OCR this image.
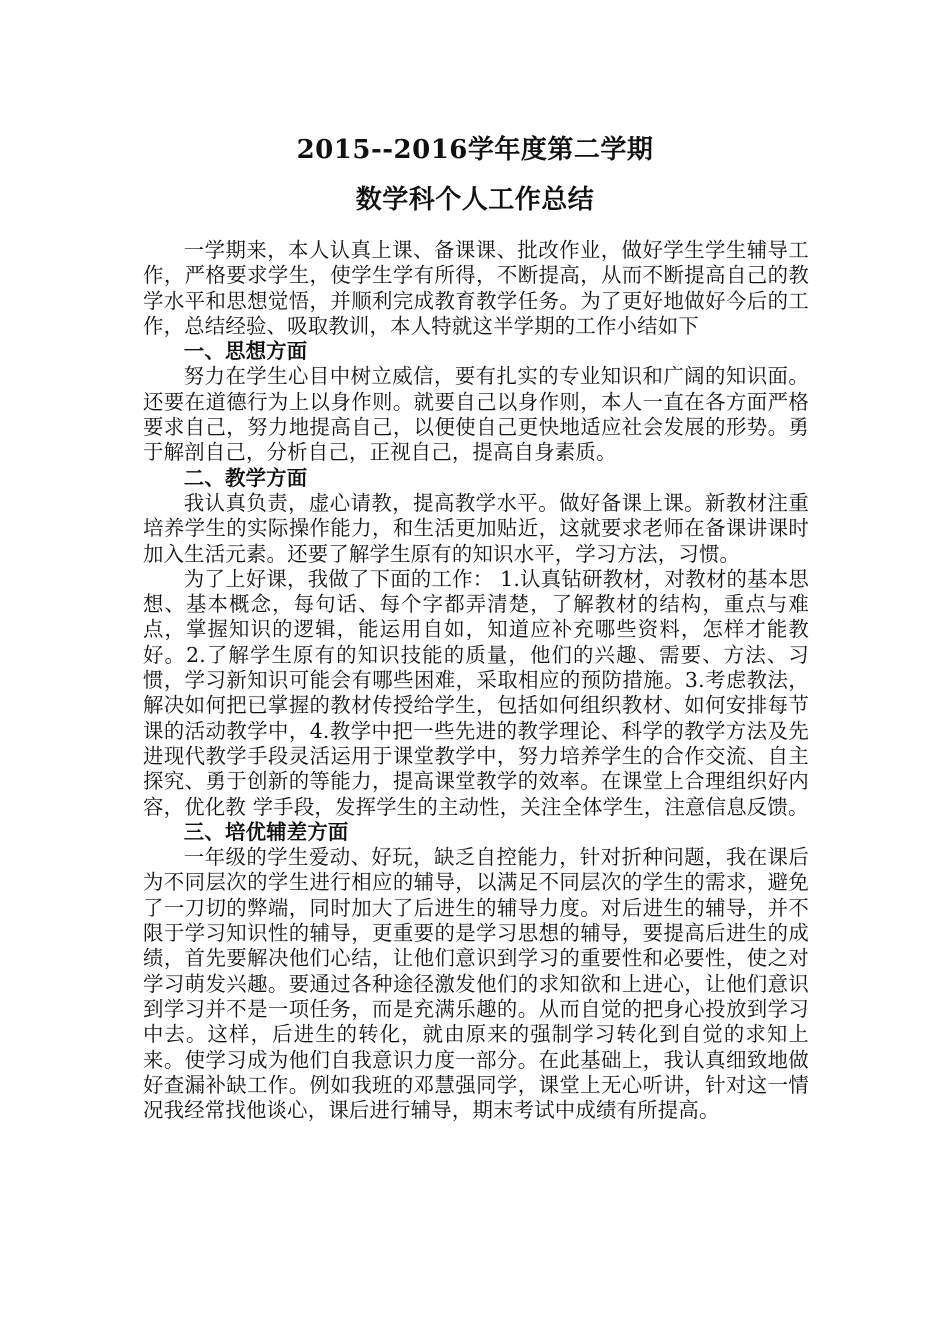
2015--2016学年度第二学期
数学科个人工作总结

一学期来，本人认真上课、备课课、批改作业，做好学生学生辅导工作，严格要求学生，使学生学有所得，不断提高，从而不断提高自己的教学水平和思想觉悟，并顺利完成教育教学任务。为了更好地做好今后的工作，总结经验、吸取教训，本人特就这半学期的工作小结如下

一、思想方面

努力在学生心目中树立威信，要有扎实的专业知识和广阔的知识面。还要在道德行为上以身作则。就要自己以身作则，本人一直在各方面严格要求自己，努力地提高自己，以便使自己更快地适应社会发展的形势。勇于解剖自己，分析自己，正视自己，提高自身素质。

二、教学方面

我认真负责，虚心请教，提高教学水平。做好备课上课。新教材注重培养学生的实际操作能力，和生活更加贴近，这就要求老师在备课讲课时加入生活元素。还要了解学生原有的知识水平，学习方法，习惯。

为了上好课，我做了下面的工作： 1.认真钻研教材，对教材的基本思想、基本概念，每句话、每个字都弄清楚，了解教材的结构，重点与难点，掌握知识的逻辑，能运用自如，知道应补充哪些资料，怎样才能教好。2.了解学生原有的知识技能的质量，他们的兴趣、需要、方法、习惯，学习新知识可能会有哪些困难，采取相应的预防措施。3.考虑教法，解决如何把已掌握的教材传授给学生，包括如何组织教材、如何安排每节课的活动教学中，4.教学中把一些先进的教学理论、科学的教学方法及先进现代教学手段灵活运用于课堂教学中，努力培养学生的合作交流、自主探究、勇于创新的等能力，提高课堂教学的效率。在课堂上合理组织好内容，优化教 学手段，发挥学生的主动性，关注全体学生，注意信息反馈。

三、培优辅差方面

一年级的学生爱动、好玩，缺乏自控能力，针对折种问题，我在课后为不同层次的学生进行相应的辅导，以满足不同层次的学生的需求，避免了一刀切的弊端，同时加大了后进生的辅导力度。对后进生的辅导，并不限于学习知识性的辅导，更重要的是学习思想的辅导，要提高后进生的成绩，首先要解决他们心结，让他们意识到学习的重要性和必要性，使之对学习萌发兴趣。要通过各种途径激发他们的求知欲和上进心，让他们意识到学习并不是一项任务，而是充满乐趣的。从而自觉的把身心投放到学习中去。这样，后进生的转化，就由原来的强制学习转化到自觉的求知上来。使学习成为他们自我意识力度一部分。在此基础上，我认真细致地做好查漏补缺工作。例如我班的邓慧强同学，课堂上无心听讲，针对这一情况我经常找他谈心，课后进行辅导，期末考试中成绩有所提高。
